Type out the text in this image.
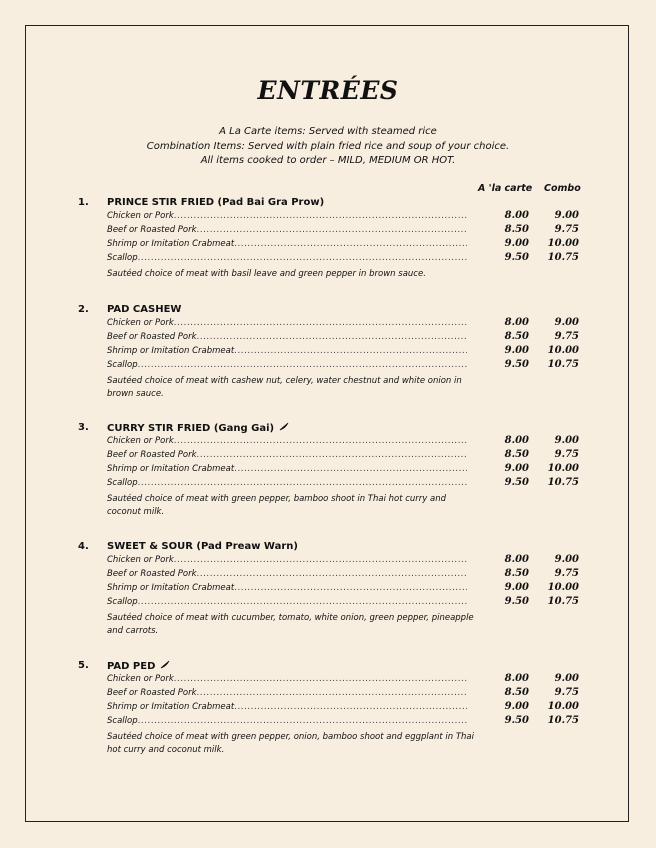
ENTRÉES
A La Carte items: Served with steamed rice
Combination Items: Served with plain fried rice and soup of your choice.
All items cooked to order – MILD, MEDIUM OR HOT.
A 'la carte Combo
1. PRINCE STIR FRIED (Pad Bai Gra Prow)
Chicken or Pork .....	8.00	9.00
Beef or Roasted Pork .....	8.50	9.75
Shrimp or Imitation Crabmeat .....	9.00	10.00
Scallop .....	9.50	10.75
Sautéed choice of meat with basil leave and green pepper in brown sauce.
2. PAD CASHEW
Chicken or Pork .....	8.00	9.00
Beef or Roasted Pork .....	8.50	9.75
Shrimp or Imitation Crabmeat .....	9.00	10.00
Scallop .....	9.50	10.75
Sautéed choice of meat with cashew nut, celery, water chestnut and white onion in brown sauce.
3. CURRY STIR FRIED (Gang Gai)
Chicken or Pork .....	8.00	9.00
Beef or Roasted Pork .....	8.50	9.75
Shrimp or Imitation Crabmeat .....	9.00	10.00
Scallop .....	9.50	10.75
Sautéed choice of meat with green pepper, bamboo shoot in Thai hot curry and coconut milk.
4. SWEET & SOUR (Pad Preaw Warn)
Chicken or Pork .....	8.00	9.00
Beef or Roasted Pork .....	8.50	9.75
Shrimp or Imitation Crabmeat .....	9.00	10.00
Scallop .....	9.50	10.75
Sautéed choice of meat with cucumber, tomato, white onion, green pepper, pineapple and carrots.
5. PAD PED
Chicken or Pork .....	8.00	9.00
Beef or Roasted Pork .....	8.50	9.75
Shrimp or Imitation Crabmeat .....	9.00	10.00
Scallop .....	9.50	10.75
Sautéed choice of meat with green pepper, onion, bamboo shoot and eggplant in Thai hot curry and coconut milk.
